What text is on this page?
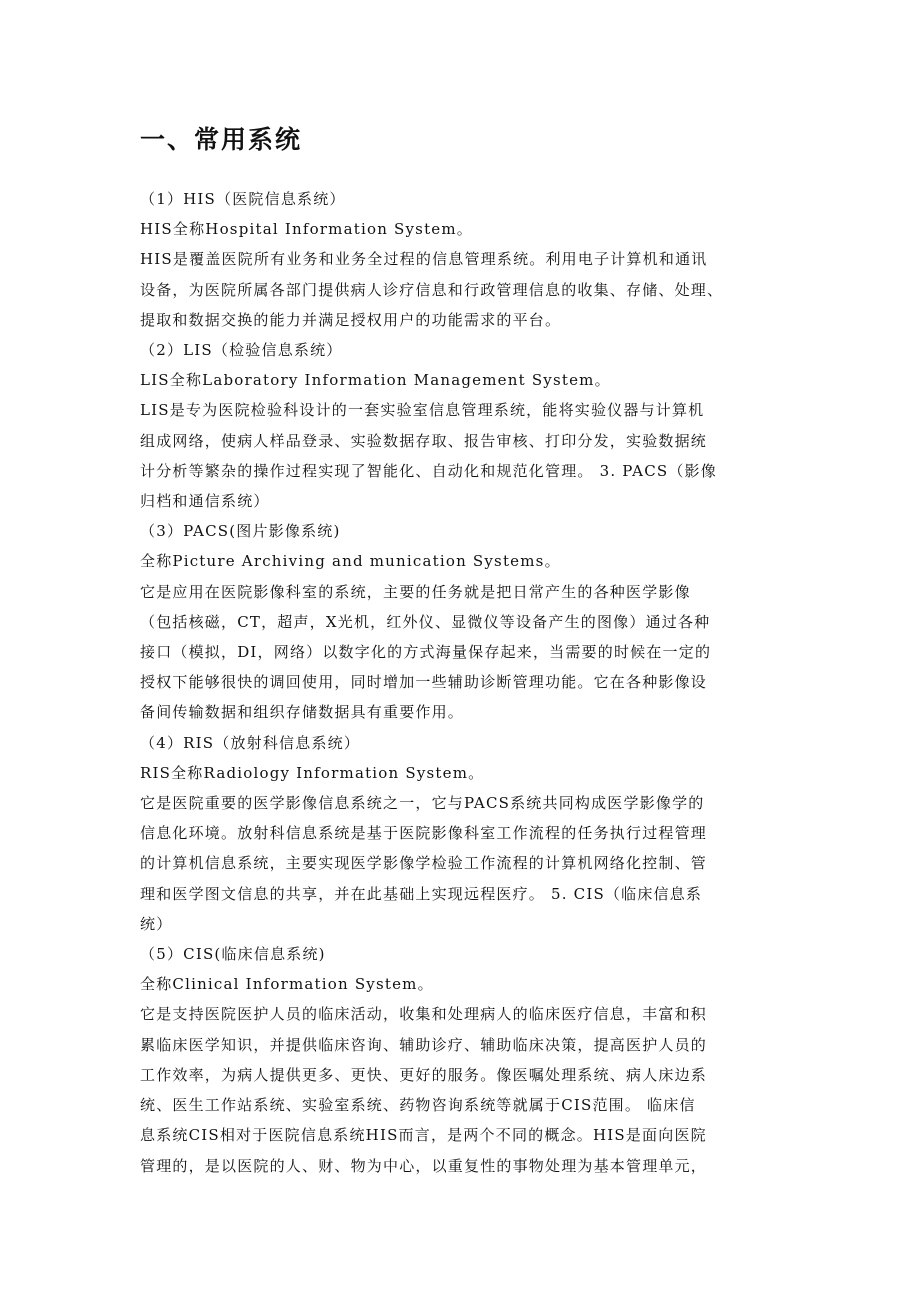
一、常用系统

（1）HIS（医院信息系统）

HIS全称Hospital Information System。

HIS是覆盖医院所有业务和业务全过程的信息管理系统。利用电子计算机和通讯

设备，为医院所属各部门提供病人诊疗信息和行政管理信息的收集、存储、处理、

提取和数据交换的能力并满足授权用户的功能需求的平台。

（2）LIS（检验信息系统）

LIS全称Laboratory Information Management System。

LIS是专为医院检验科设计的一套实验室信息管理系统，能将实验仪器与计算机

组成网络，使病人样品登录、实验数据存取、报告审核、打印分发，实验数据统

计分析等繁杂的操作过程实现了智能化、自动化和规范化管理。 3. PACS（影像

归档和通信系统）

（3）PACS(图片影像系统)

全称Picture Archiving and munication Systems。

它是应用在医院影像科室的系统，主要的任务就是把日常产生的各种医学影像

（包括核磁，CT，超声，X光机，红外仪、显微仪等设备产生的图像）通过各种

接口（模拟，DI，网络）以数字化的方式海量保存起来，当需要的时候在一定的

授权下能够很快的调回使用，同时增加一些辅助诊断管理功能。它在各种影像设

备间传输数据和组织存储数据具有重要作用。

（4）RIS（放射科信息系统）

RIS全称Radiology Information System。

它是医院重要的医学影像信息系统之一，它与PACS系统共同构成医学影像学的

信息化环境。放射科信息系统是基于医院影像科室工作流程的任务执行过程管理

的计算机信息系统，主要实现医学影像学检验工作流程的计算机网络化控制、管

理和医学图文信息的共享，并在此基础上实现远程医疗。 5. CIS（临床信息系

统）

（5）CIS(临床信息系统)

全称Clinical Information System。

它是支持医院医护人员的临床活动，收集和处理病人的临床医疗信息，丰富和积

累临床医学知识，并提供临床咨询、辅助诊疗、辅助临床决策，提高医护人员的

工作效率，为病人提供更多、更快、更好的服务。像医嘱处理系统、病人床边系

统、医生工作站系统、实验室系统、药物咨询系统等就属于CIS范围。 临床信

息系统CIS相对于医院信息系统HIS而言，是两个不同的概念。HIS是面向医院

管理的，是以医院的人、财、物为中心，以重复性的事物处理为基本管理单元，
